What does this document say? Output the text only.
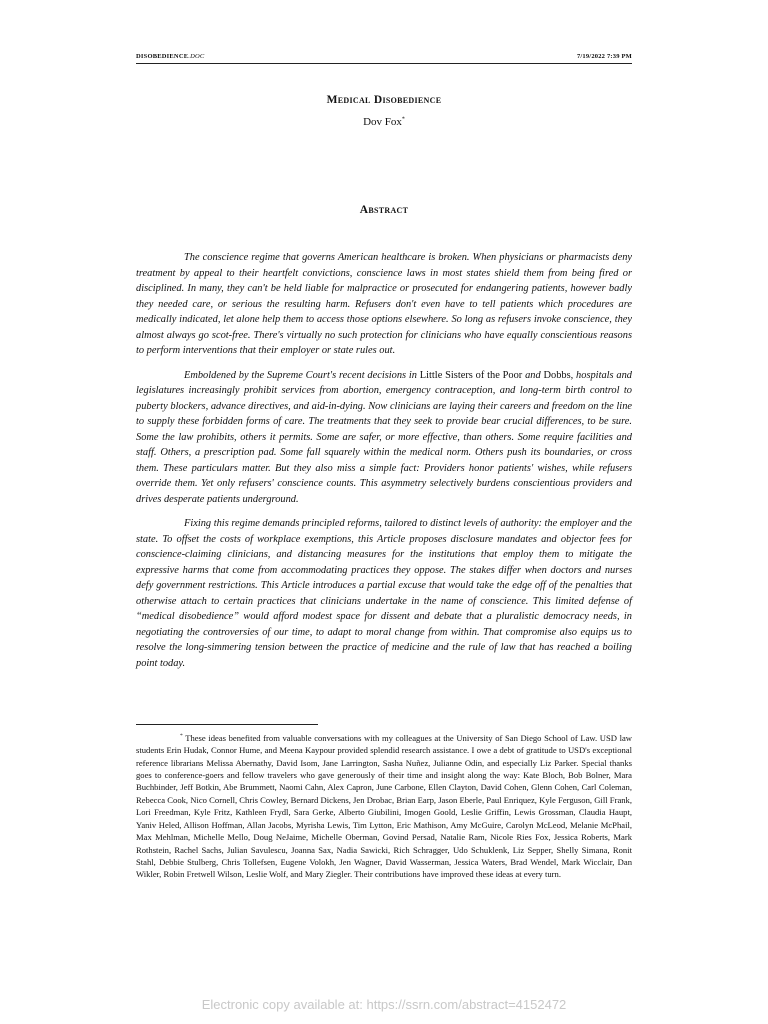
DISOBEDIENCE.DOC	7/19/2022 7:39 PM
Medical Disobedience
Dov Fox*
Abstract

The conscience regime that governs American healthcare is broken. When physicians or pharmacists deny treatment by appeal to their heartfelt convictions, conscience laws in most states shield them from being fired or disciplined. In many, they can't be held liable for malpractice or prosecuted for endangering patients, however badly they needed care, or serious the resulting harm. Refusers don't even have to tell patients which procedures are medically indicated, let alone help them to access those options elsewhere. So long as refusers invoke conscience, they almost always go scot-free. There's virtually no such protection for clinicians who have equally conscientious reasons to perform interventions that their employer or state rules out.

Emboldened by the Supreme Court's recent decisions in Little Sisters of the Poor and Dobbs, hospitals and legislatures increasingly prohibit services from abortion, emergency contraception, and long-term birth control to puberty blockers, advance directives, and aid-in-dying. Now clinicians are laying their careers and freedom on the line to supply these forbidden forms of care. The treatments that they seek to provide bear crucial differences, to be sure. Some the law prohibits, others it permits. Some are safer, or more effective, than others. Some require facilities and staff. Others, a prescription pad. Some fall squarely within the medical norm. Others push its boundaries, or cross them. These particulars matter. But they also miss a simple fact: Providers honor patients' wishes, while refusers override them. Yet only refusers' conscience counts. This asymmetry selectively burdens conscientious providers and drives desperate patients underground.

Fixing this regime demands principled reforms, tailored to distinct levels of authority: the employer and the state. To offset the costs of workplace exemptions, this Article proposes disclosure mandates and objector fees for conscience-claiming clinicians, and distancing measures for the institutions that employ them to mitigate the expressive harms that come from accommodating practices they oppose. The stakes differ when doctors and nurses defy government restrictions. This Article introduces a partial excuse that would take the edge off of the penalties that otherwise attach to certain practices that clinicians undertake in the name of conscience. This limited defense of “medical disobedience” would afford modest space for dissent and debate that a pluralistic democracy needs, in negotiating the controversies of our time, to adapt to moral change from within. That compromise also equips us to resolve the long-simmering tension between the practice of medicine and the rule of law that has reached a boiling point today.

* These ideas benefited from valuable conversations with my colleagues at the University of San Diego School of Law. USD law students Erin Hudak, Connor Hume, and Meena Kaypour provided splendid research assistance. I owe a debt of gratitude to USD's exceptional reference librarians Melissa Abernathy, David Isom, Jane Larrington, Sasha Nuñez, Julianne Odin, and especially Liz Parker. Special thanks goes to conference-goers and fellow travelers who gave generously of their time and insight along the way: Kate Bloch, Bob Bolner, Mara Buchbinder, Jeff Botkin, Abe Brummett, Naomi Cahn, Alex Capron, June Carbone, Ellen Clayton, David Cohen, Glenn Cohen, Carl Coleman, Rebecca Cook, Nico Cornell, Chris Cowley, Bernard Dickens, Jen Drobac, Brian Earp, Jason Eberle, Paul Enriquez, Kyle Ferguson, Gill Frank, Lori Freedman, Kyle Fritz, Kathleen Frydl, Sara Gerke, Alberto Giubilini, Imogen Goold, Leslie Griffin, Lewis Grossman, Claudia Haupt, Yaniv Heled, Allison Hoffman, Allan Jacobs, Myrisha Lewis, Tim Lytton, Eric Mathison, Amy McGuire, Carolyn McLeod, Melanie McPhail, Max Mehlman, Michelle Mello, Doug NeJaime, Michelle Oberman, Govind Persad, Natalie Ram, Nicole Ries Fox, Jessica Roberts, Mark Rothstein, Rachel Sachs, Julian Savulescu, Joanna Sax, Nadia Sawicki, Rich Schragger, Udo Schuklenk, Liz Sepper, Shelly Simana, Ronit Stahl, Debbie Stulberg, Chris Tollefsen, Eugene Volokh, Jen Wagner, David Wasserman, Jessica Waters, Brad Wendel, Mark Wicclair, Dan Wikler, Robin Fretwell Wilson, Leslie Wolf, and Mary Ziegler. Their contributions have improved these ideas at every turn.
Electronic copy available at: https://ssrn.com/abstract=4152472
